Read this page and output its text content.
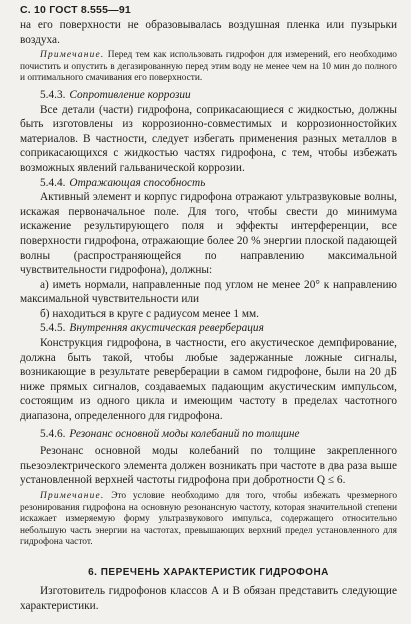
С. 10 ГОСТ 8.555—91

на его поверхности не образовывалась воздушная пленка или пузырьки воздуха.

Примечание. Перед тем как использовать гидрофон для измерений, его необходимо почистить и опустить в дегазированную перед этим воду не менее чем на 10 мин до полного и оптимального смачивания его поверхности.

5.4.3. Сопротивление коррозии

Все детали (части) гидрофона, соприкасающиеся с жидкостью, должны быть изготовлены из коррозионно-совместимых и коррозионностойких материалов. В частности, следует избегать применения разных металлов в соприкасающихся с жидкостью частях гидрофона, с тем, чтобы избежать возможных явлений гальванической коррозии.

5.4.4. Отражающая способность

Активный элемент и корпус гидрофона отражают ультразвуковые волны, искажая первоначальное поле. Для того, чтобы свести до минимума искажение результирующего поля и эффекты интерференции, все поверхности гидрофона, отражающие более 20 % энергии плоской падающей волны (распространяющейся по направлению максимальной чувствительности гидрофона), должны:

а) иметь нормали, направленные под углом не менее 20° к направлению максимальной чувствительности или

б) находиться в круге с радиусом менее 1 мм.

5.4.5. Внутренняя акустическая реверберация

Конструкция гидрофона, в частности, его акустическое демпфирование, должна быть такой, чтобы любые задержанные ложные сигналы, возникающие в результате реверберации в самом гидрофоне, были на 20 дБ ниже прямых сигналов, создаваемых падающим акустическим импульсом, состоящим из одного цикла и имеющим частоту в пределах частотного диапазона, определенного для гидрофона.

5.4.6. Резонанс основной моды колебаний по толщине

Резонанс основной моды колебаний по толщине закрепленного пьезоэлектрического элемента должен возникать при частоте в два раза выше установленной верхней частоты гидрофона при добротности Q ≤ 6.

Примечание. Это условие необходимо для того, чтобы избежать чрезмерного резонирования гидрофона на основную резонансную частоту, которая значительной степени искажает измеряемую форму ультразвукового импульса, содержащего относительно небольшую часть энергии на частотах, превышающих верхний предел установленного для гидрофона частот.

6. ПЕРЕЧЕНЬ ХАРАКТЕРИСТИК ГИДРОФОНА

Изготовитель гидрофонов классов А и В обязан представить следующие характеристики.
